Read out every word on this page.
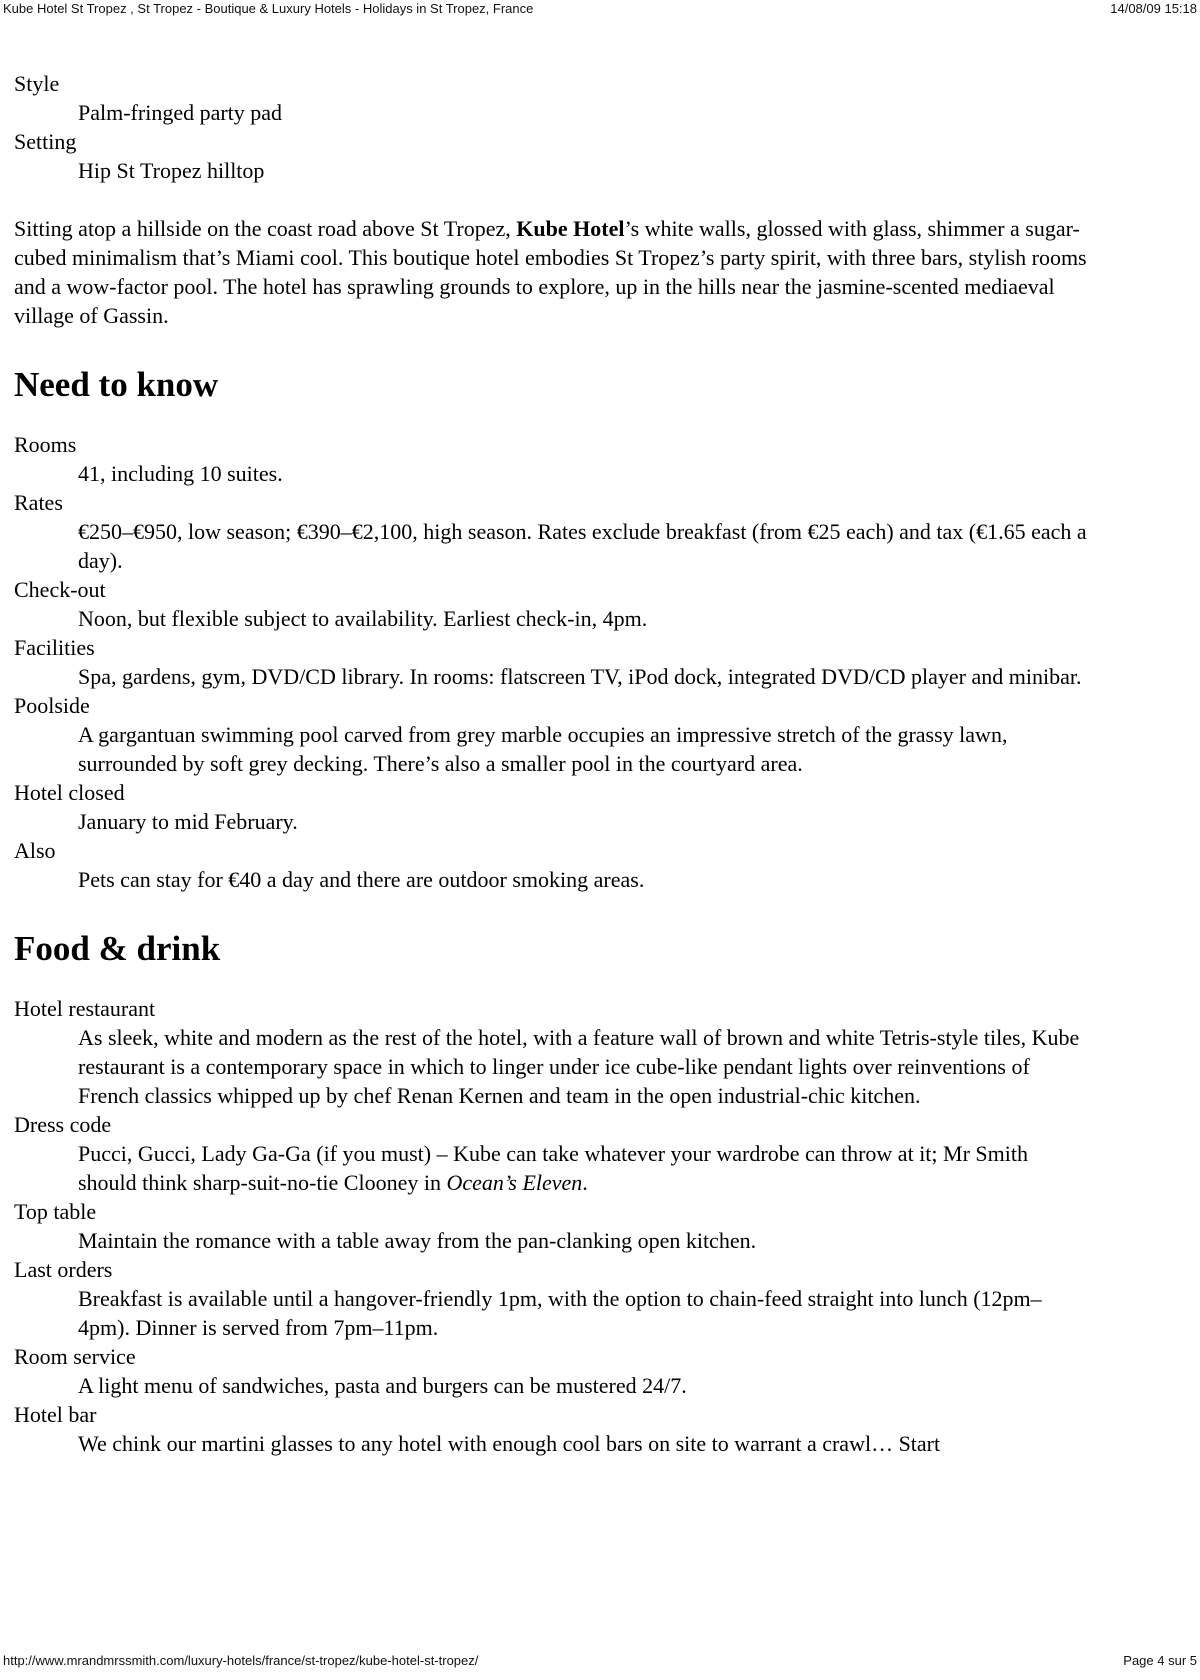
Kube Hotel St Tropez , St Tropez - Boutique & Luxury Hotels - Holidays in St Tropez, France	14/08/09 15:18
Style
Palm-fringed party pad
Setting
Hip St Tropez hilltop

Sitting atop a hillside on the coast road above St Tropez, Kube Hotel’s white walls, glossed with glass, shimmer a sugar-cubed minimalism that’s Miami cool. This boutique hotel embodies St Tropez’s party spirit, with three bars, stylish rooms and a wow-factor pool. The hotel has sprawling grounds to explore, up in the hills near the jasmine-scented mediaeval village of Gassin.

Need to know
Rooms
41, including 10 suites.
Rates
€250–€950, low season; €390–€2,100, high season. Rates exclude breakfast (from €25 each) and tax (€1.65 each a day).
Check-out
Noon, but flexible subject to availability. Earliest check-in, 4pm.
Facilities
Spa, gardens, gym, DVD/CD library. In rooms: flatscreen TV, iPod dock, integrated DVD/CD player and minibar.
Poolside
A gargantuan swimming pool carved from grey marble occupies an impressive stretch of the grassy lawn, surrounded by soft grey decking. There’s also a smaller pool in the courtyard area.
Hotel closed
January to mid February.
Also
Pets can stay for €40 a day and there are outdoor smoking areas.
Food & drink
Hotel restaurant
As sleek, white and modern as the rest of the hotel, with a feature wall of brown and white Tetris-style tiles, Kube restaurant is a contemporary space in which to linger under ice cube-like pendant lights over reinventions of French classics whipped up by chef Renan Kernen and team in the open industrial-chic kitchen.
Dress code
Pucci, Gucci, Lady Ga-Ga (if you must) – Kube can take whatever your wardrobe can throw at it; Mr Smith should think sharp-suit-no-tie Clooney in Ocean’s Eleven.
Top table
Maintain the romance with a table away from the pan-clanking open kitchen.
Last orders
Breakfast is available until a hangover-friendly 1pm, with the option to chain-feed straight into lunch (12pm–4pm). Dinner is served from 7pm–11pm.
Room service
A light menu of sandwiches, pasta and burgers can be mustered 24/7.
Hotel bar
We chink our martini glasses to any hotel with enough cool bars on site to warrant a crawl… Start
http://www.mrandmrssmith.com/luxury-hotels/france/st-tropez/kube-hotel-st-tropez/	Page 4 sur 5
